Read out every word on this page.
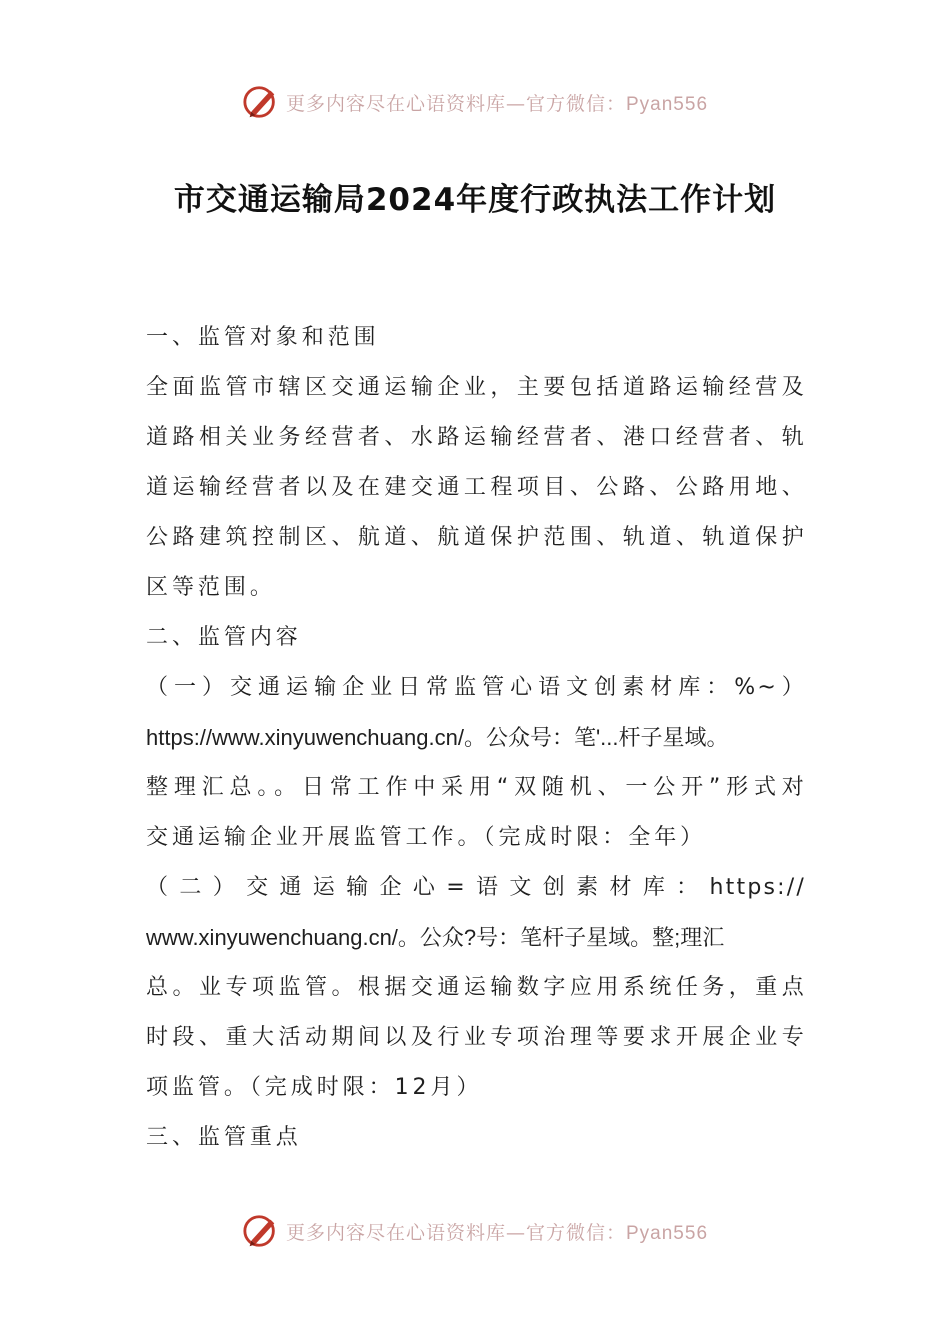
更多内容尽在心语资料库—官方微信：Pyan556
市交通运输局2024年度行政执法工作计划
一、监管对象和范围
全面监管市辖区交通运输企业，主要包括道路运输经营及
道路相关业务经营者、水路运输经营者、港口经营者、轨
道运输经营者以及在建交通工程项目、公路、公路用地、
公路建筑控制区、航道、航道保护范围、轨道、轨道保护
区等范围。
二、监管内容
（一）交通运输企业日常监管心语文创素材库：%~）
https://www.xinyuwenchuang.cn/。公众号：笔'...杆子星域。
整理汇总。。日常工作中采用“双随机、一公开”形式对
交通运输企业开展监管工作。（完成时限：全年）
（二）交通运输企心=语文创素材库：https://
www.xinyuwenchuang.cn/。公众?号：笔杆子星域。整;理汇
总。业专项监管。根据交通运输数字应用系统任务，重点
时段、重大活动期间以及行业专项治理等要求开展企业专
项监管。（完成时限：12月）
三、监管重点
更多内容尽在心语资料库—官方微信：Pyan556
